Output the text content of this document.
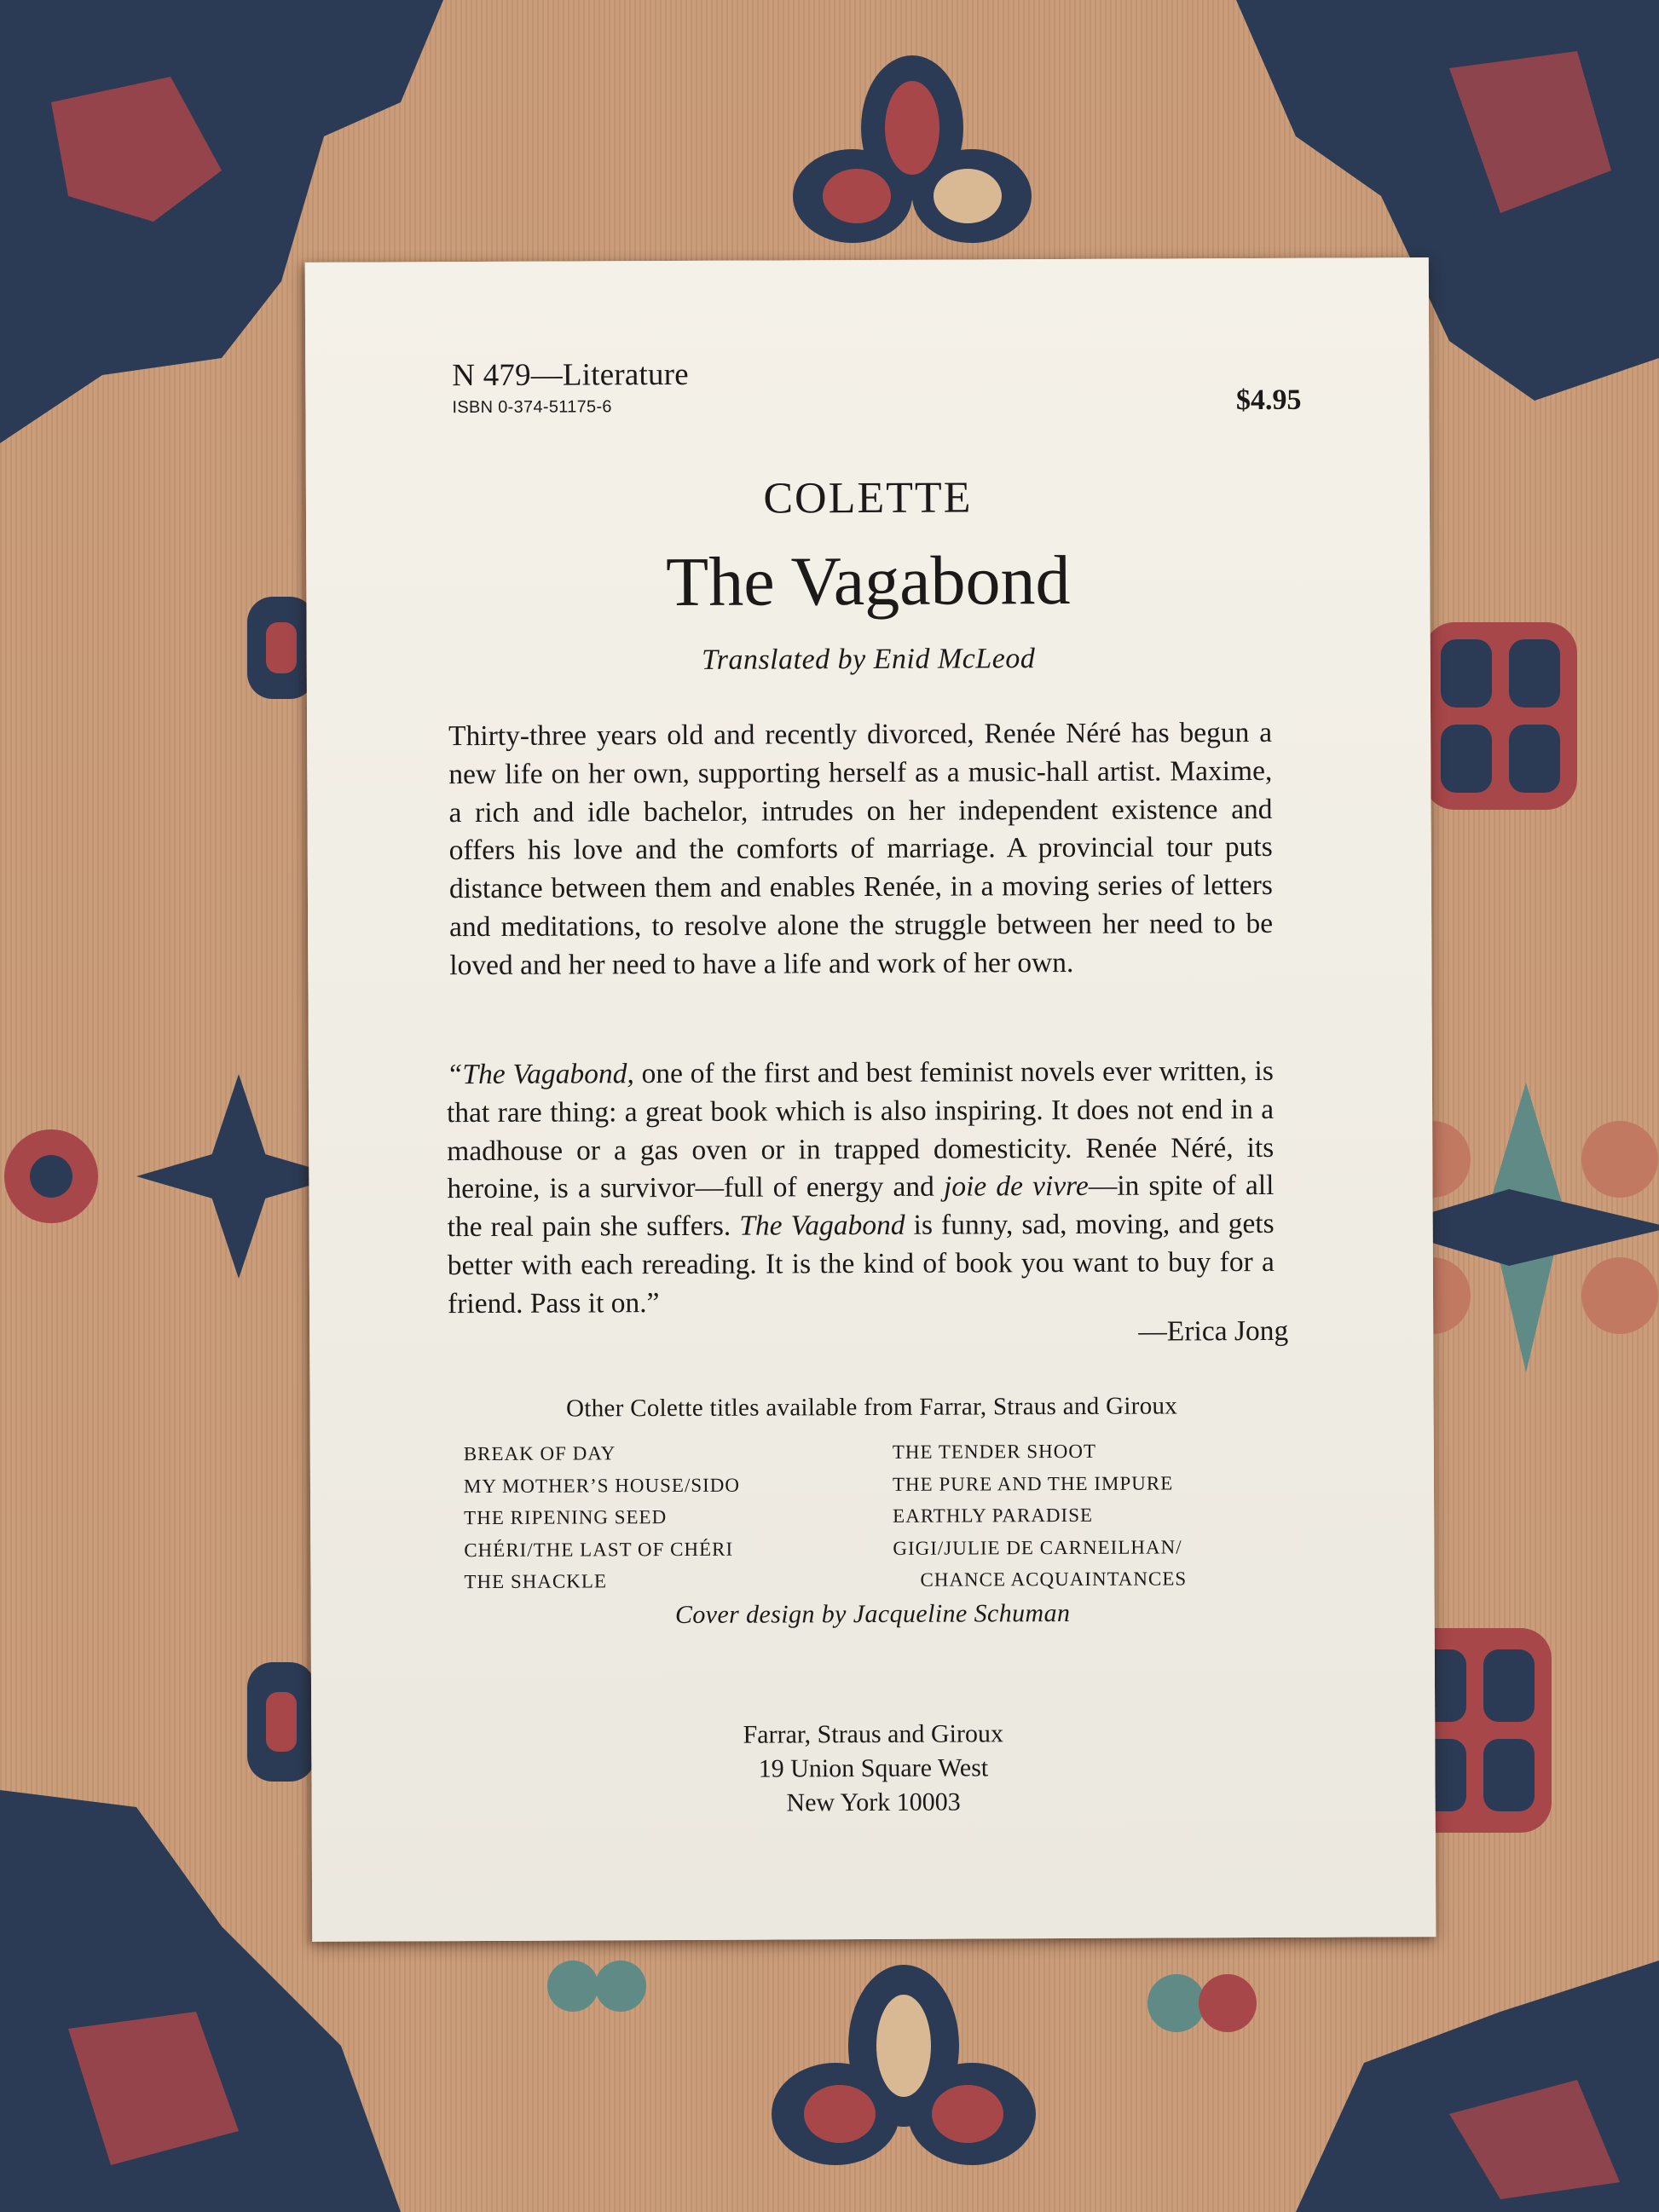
N 479—Literature
ISBN 0-374-51175-6	$4.95
COLETTE
The Vagabond
Translated by Enid McLeod

Thirty-three years old and recently divorced, Renée Néré has begun a new life on her own, supporting herself as a music-hall artist. Maxime, a rich and idle bachelor, intrudes on her independent existence and offers his love and the comforts of marriage. A provincial tour puts distance between them and enables Renée, in a moving series of letters and meditations, to resolve alone the struggle between her need to be loved and her need to have a life and work of her own.

“The Vagabond, one of the first and best feminist novels ever written, is that rare thing: a great book which is also inspiring. It does not end in a madhouse or a gas oven or in trapped domesticity. Renée Néré, its heroine, is a survivor—full of energy and joie de vivre—in spite of all the real pain she suffers. The Vagabond is funny, sad, moving, and gets better with each rereading. It is the kind of book you want to buy for a friend. Pass it on.”

—Erica Jong
Other Colette titles available from Farrar, Straus and Giroux
BREAK OF DAY
MY MOTHER’S HOUSE/SIDO
THE RIPENING SEED
CHÉRI/THE LAST OF CHÉRI
THE SHACKLE
THE TENDER SHOOT
THE PURE AND THE IMPURE
EARTHLY PARADISE
GIGI/JULIE DE CARNEILHAN/
CHANCE ACQUAINTANCES
Cover design by Jacqueline Schuman
Farrar, Straus and Giroux
19 Union Square West
New York 10003
